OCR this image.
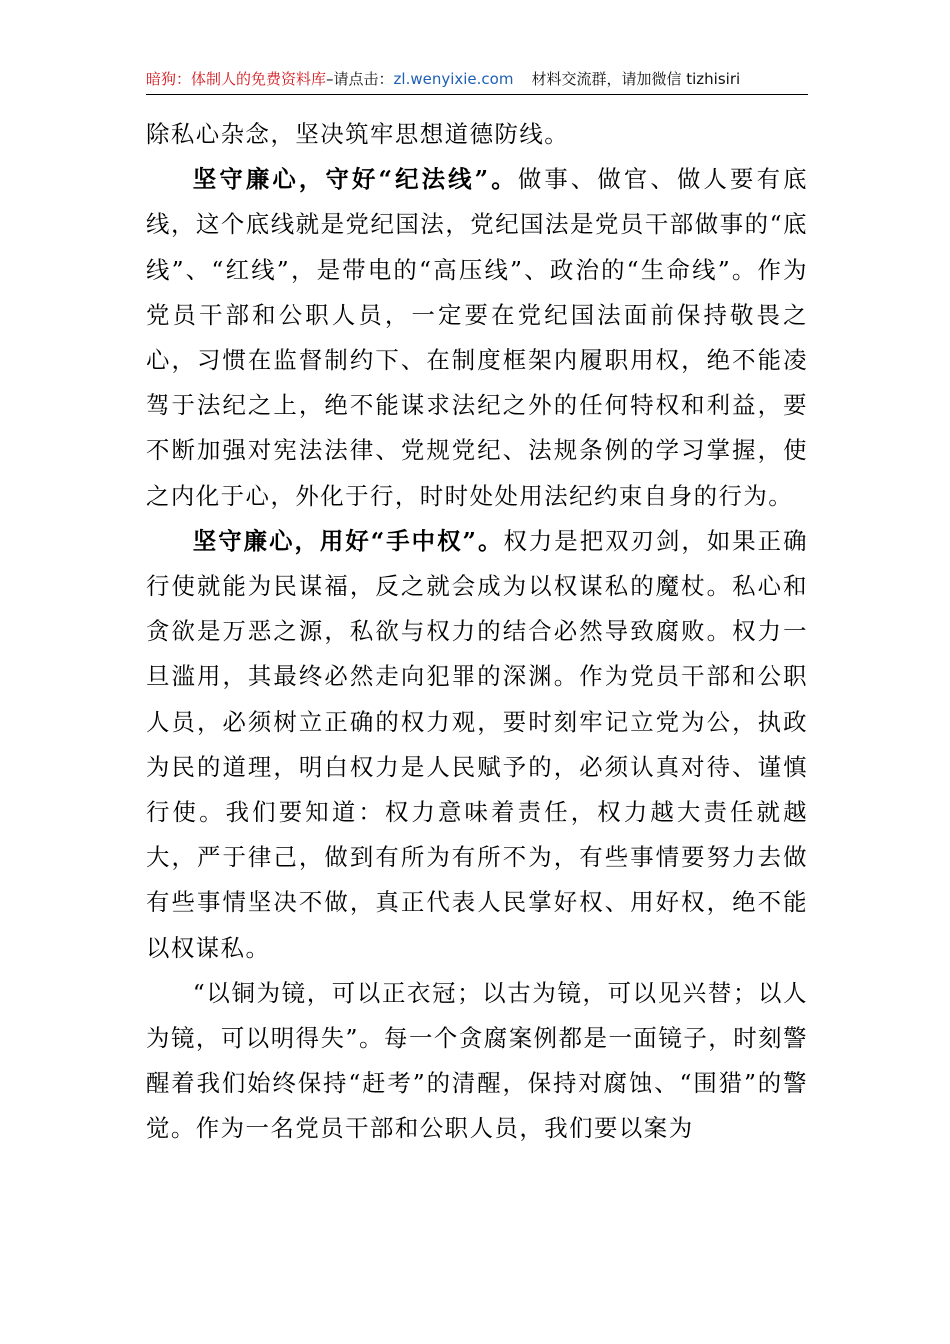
暗狗：体制人的免费资料库–请点击：zl.wenyixie.com 材料交流群，请加微信 tizhisiri

除私心杂念，坚决筑牢思想道德防线。

坚守廉心，守好“纪法线”。做事、做官、做人要有底线，这个底线就是党纪国法，党纪国法是党员干部做事的“底线”、“红线”，是带电的“高压线”、政治的“生命线”。作为党员干部和公职人员，一定要在党纪国法面前保持敬畏之心，习惯在监督制约下、在制度框架内履职用权，绝不能凌驾于法纪之上，绝不能谋求法纪之外的任何特权和利益，要不断加强对宪法法律、党规党纪、法规条例的学习掌握，使之内化于心，外化于行，时时处处用法纪约束自身的行为。

坚守廉心，用好“手中权”。权力是把双刃剑，如果正确行使就能为民谋福，反之就会成为以权谋私的魔杖。私心和贪欲是万恶之源，私欲与权力的结合必然导致腐败。权力一旦滥用，其最终必然走向犯罪的深渊。作为党员干部和公职人员，必须树立正确的权力观，要时刻牢记立党为公，执政为民的道理，明白权力是人民赋予的，必须认真对待、谨慎行使。我们要知道：权力意味着责任，权力越大责任就越大，严于律己，做到有所为有所不为，有些事情要努力去做有些事情坚决不做，真正代表人民掌好权、用好权，绝不能以权谋私。

“以铜为镜，可以正衣冠；以古为镜，可以见兴替；以人为镜，可以明得失”。每一个贪腐案例都是一面镜子，时刻警醒着我们始终保持“赶考”的清醒，保持对腐蚀、“围猎”的警觉。作为一名党员干部和公职人员，我们要以案为
